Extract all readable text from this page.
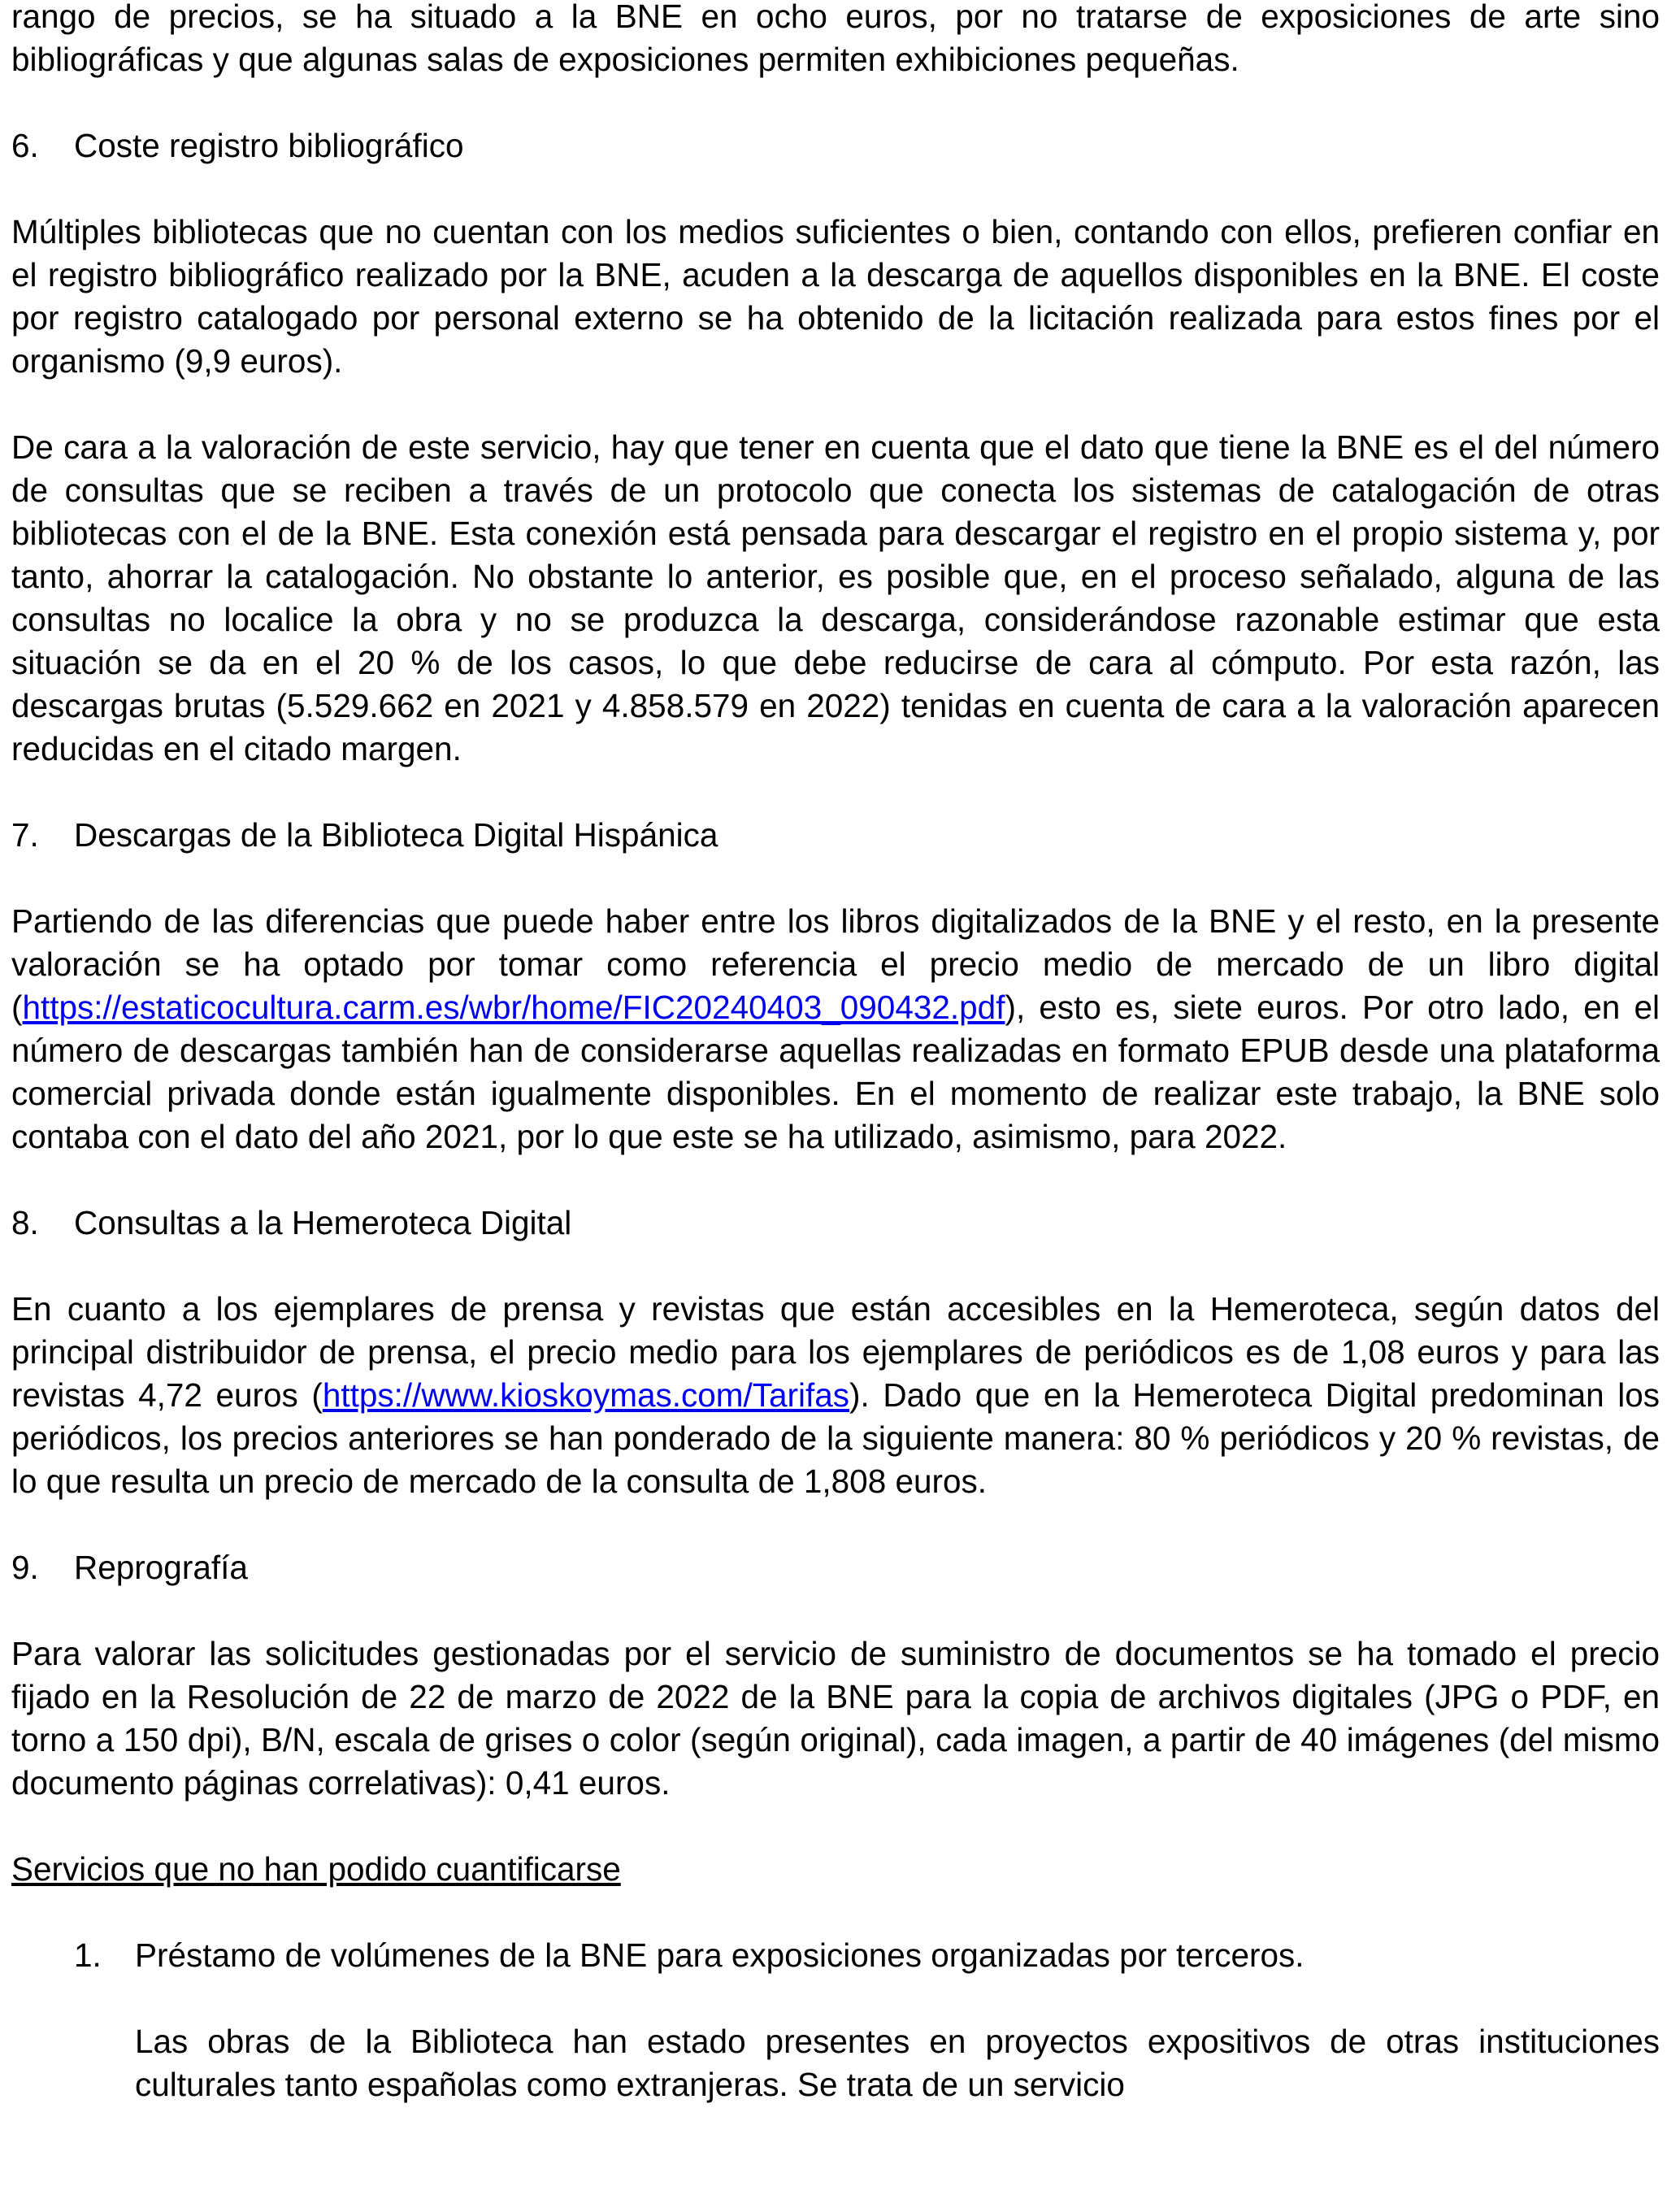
rango de precios, se ha situado a la BNE en ocho euros, por no tratarse de exposiciones de arte sino bibliográficas y que algunas salas de exposiciones permiten exhibiciones pequeñas.

6.	Coste registro bibliográfico

Múltiples bibliotecas que no cuentan con los medios suficientes o bien, contando con ellos, prefieren confiar en el registro bibliográfico realizado por la BNE, acuden a la descarga de aquellos disponibles en la BNE. El coste por registro catalogado por personal externo se ha obtenido de la licitación realizada para estos fines por el organismo (9,9 euros).

De cara a la valoración de este servicio, hay que tener en cuenta que el dato que tiene la BNE es el del número de consultas que se reciben a través de un protocolo que conecta los sistemas de catalogación de otras bibliotecas con el de la BNE. Esta conexión está pensada para descargar el registro en el propio sistema y, por tanto, ahorrar la catalogación. No obstante lo anterior, es posible que, en el proceso señalado, alguna de las consultas no localice la obra y no se produzca la descarga, considerándose razonable estimar que esta situación se da en el 20 % de los casos, lo que debe reducirse de cara al cómputo. Por esta razón, las descargas brutas (5.529.662 en 2021 y 4.858.579 en 2022) tenidas en cuenta de cara a la valoración aparecen reducidas en el citado margen.

7.	Descargas de la Biblioteca Digital Hispánica

Partiendo de las diferencias que puede haber entre los libros digitalizados de la BNE y el resto, en la presente valoración se ha optado por tomar como referencia el precio medio de mercado de un libro digital (https://estaticocultura.carm.es/wbr/home/FIC20240403_090432.pdf), esto es, siete euros. Por otro lado, en el número de descargas también han de considerarse aquellas realizadas en formato EPUB desde una plataforma comercial privada donde están igualmente disponibles. En el momento de realizar este trabajo, la BNE solo contaba con el dato del año 2021, por lo que este se ha utilizado, asimismo, para 2022.

8.	Consultas a la Hemeroteca Digital

En cuanto a los ejemplares de prensa y revistas que están accesibles en la Hemeroteca, según datos del principal distribuidor de prensa, el precio medio para los ejemplares de periódicos es de 1,08 euros y para las revistas 4,72 euros (https://www.kioskoymas.com/Tarifas). Dado que en la Hemeroteca Digital predominan los periódicos, los precios anteriores se han ponderado de la siguiente manera: 80 % periódicos y 20 % revistas, de lo que resulta un precio de mercado de la consulta de 1,808 euros.

9.	Reprografía

Para valorar las solicitudes gestionadas por el servicio de suministro de documentos se ha tomado el precio fijado en la Resolución de 22 de marzo de 2022 de la BNE para la copia de archivos digitales (JPG o PDF, en torno a 150 dpi), B/N, escala de grises o color (según original), cada imagen, a partir de 40 imágenes (del mismo documento páginas correlativas): 0,41 euros.

Servicios que no han podido cuantificarse

1.	Préstamo de volúmenes de la BNE para exposiciones organizadas por terceros.

Las obras de la Biblioteca han estado presentes en proyectos expositivos de otras instituciones culturales tanto españolas como extranjeras. Se trata de un servicio
